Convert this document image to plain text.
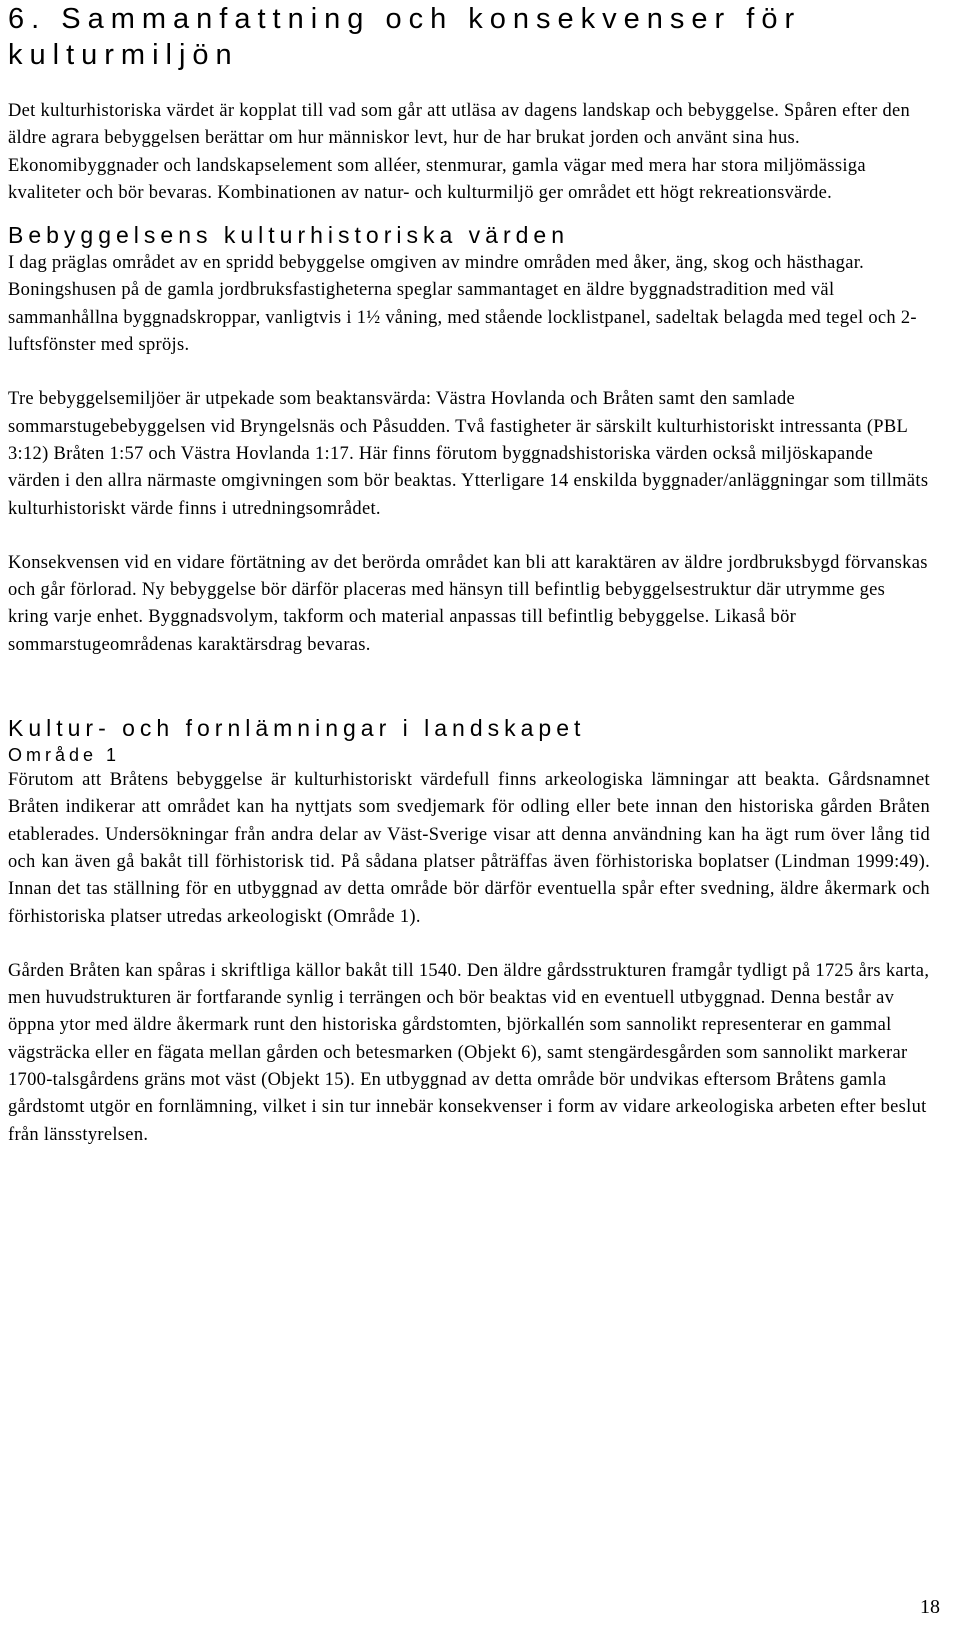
6. Sammanfattning och konsekvenser för kulturmiljön

Det kulturhistoriska värdet är kopplat till vad som går att utläsa av dagens landskap och bebyggelse. Spåren efter den äldre agrara bebyggelsen berättar om hur människor levt, hur de har brukat jorden och använt sina hus. Ekonomibyggnader och landskapselement som alléer, stenmurar, gamla vägar med mera har stora miljömässiga kvaliteter och bör bevaras. Kombinationen av natur- och kulturmiljö ger området ett högt rekreationsvärde.

Bebyggelsens kulturhistoriska värden

I dag präglas området av en spridd bebyggelse omgiven av mindre områden med åker, äng, skog och hästhagar. Boningshusen på de gamla jordbruksfastigheterna speglar sammantaget en äldre byggnadstradition med väl sammanhållna byggnadskroppar, vanligtvis i 1½ våning, med stående locklistpanel, sadeltak belagda med tegel och 2-luftsfönster med spröjs.

Tre bebyggelsemiljöer är utpekade som beaktansvärda: Västra Hovlanda och Bråten samt den samlade sommarstugebebyggelsen vid Bryngelsnäs och Påsudden. Två fastigheter är särskilt kulturhistoriskt intressanta (PBL 3:12) Bråten 1:57 och Västra Hovlanda 1:17. Här finns förutom byggnadshistoriska värden också miljöskapande värden i den allra närmaste omgivningen som bör beaktas. Ytterligare 14 enskilda byggnader/anläggningar som tillmäts kulturhistoriskt värde finns i utredningsområdet.

Konsekvensen vid en vidare förtätning av det berörda området kan bli att karaktären av äldre jordbruksbygd förvanskas och går förlorad. Ny bebyggelse bör därför placeras med hänsyn till befintlig bebyggelsestruktur där utrymme ges kring varje enhet. Byggnadsvolym, takform och material anpassas till befintlig bebyggelse. Likaså bör sommarstugeområdenas karaktärsdrag bevaras.

Kultur- och fornlämningar i landskapet
Område 1

Förutom att Bråtens bebyggelse är kulturhistoriskt värdefull finns arkeologiska lämningar att beakta. Gårdsnamnet Bråten indikerar att området kan ha nyttjats som svedjemark för odling eller bete innan den historiska gården Bråten etablerades. Undersökningar från andra delar av Väst-Sverige visar att denna användning kan ha ägt rum över lång tid och kan även gå bakåt till förhistorisk tid. På sådana platser påträffas även förhistoriska boplatser (Lindman 1999:49). Innan det tas ställning för en utbyggnad av detta område bör därför eventuella spår efter svedning, äldre åkermark och förhistoriska platser utredas arkeologiskt (Område 1).

Gården Bråten kan spåras i skriftliga källor bakåt till 1540. Den äldre gårdsstrukturen framgår tydligt på 1725 års karta, men huvudstrukturen är fortfarande synlig i terrängen och bör beaktas vid en eventuell utbyggnad. Denna består av öppna ytor med äldre åkermark runt den historiska gårdstomten, björkallén som sannolikt representerar en gammal vägsträcka eller en fägata mellan gården och betesmarken (Objekt 6), samt stengärdesgården som sannolikt markerar 1700-talsgårdens gräns mot väst (Objekt 15). En utbyggnad av detta område bör undvikas eftersom Bråtens gamla gårdstomt utgör en fornlämning, vilket i sin tur innebär konsekvenser i form av vidare arkeologiska arbeten efter beslut från länsstyrelsen.

18
